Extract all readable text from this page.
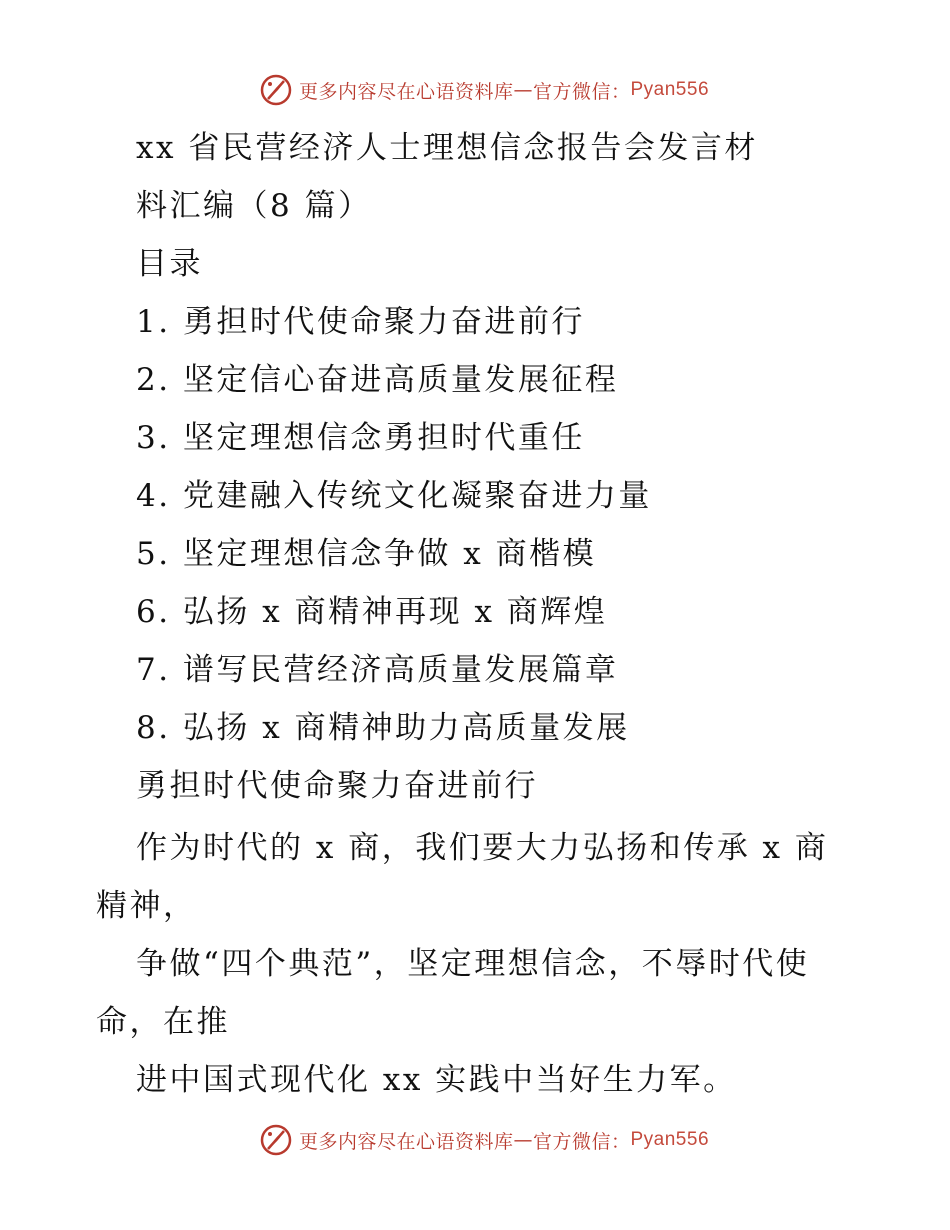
更多内容尽在心语资料库 — 官方微信： Pyan556
xx 省民营经济人士理想信念报告会发言材
料汇编（8 篇）
目录
1. 勇担时代使命聚力奋进前行
2. 坚定信心奋进高质量发展征程
3. 坚定理想信念勇担时代重任
4. 党建融入传统文化凝聚奋进力量
5. 坚定理想信念争做 x 商楷模
6. 弘扬 x 商精神再现 x 商辉煌
7. 谱写民营经济高质量发展篇章
8. 弘扬 x 商精神助力高质量发展
勇担时代使命聚力奋进前行
作为时代的 x 商，我们要大力弘扬和传承 x 商
精神，
争做“四个典范”，坚定理想信念，不辱时代使
命，在推
进中国式现代化 xx 实践中当好生力军。
更多内容尽在心语资料库 — 官方微信： Pyan556
